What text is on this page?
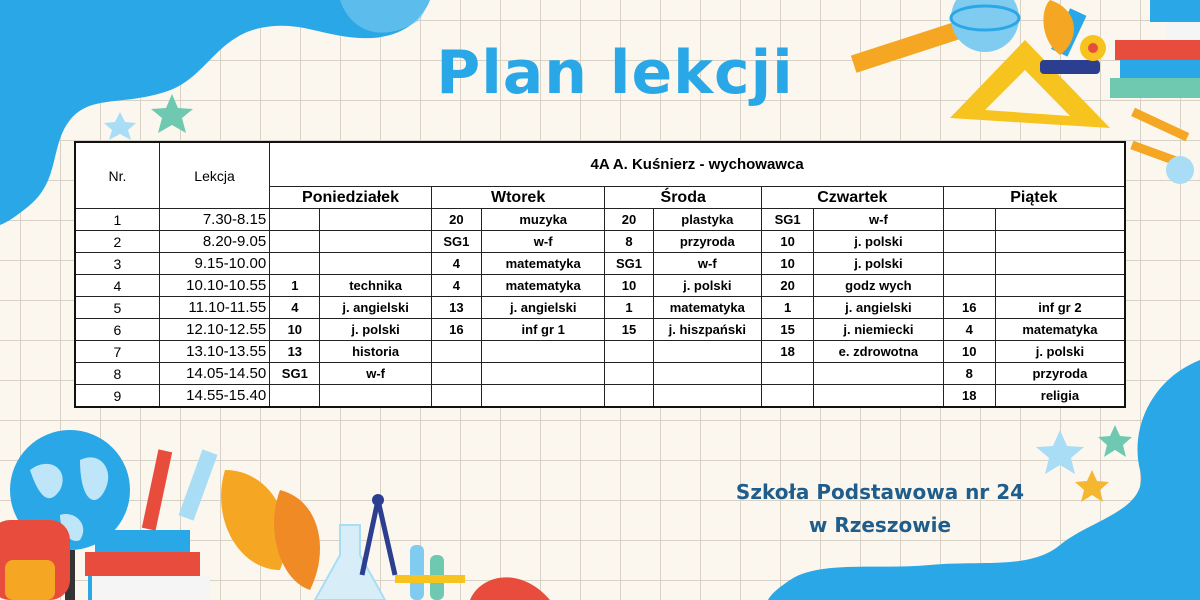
Plan lekcji
Nr.	Lekcja	4A A. Kuśnierz - wychowawca									
		Poniedziałek		Wtorek		Środa		Czwartek		Piątek	
1	7.30-8.15			20	muzyka	20	plastyka	SG1	w-f		
2	8.20-9.05			SG1	w-f	8	przyroda	10	j. polski		
3	9.15-10.00			4	matematyka	SG1	w-f	10	j. polski		
4	10.10-10.55	1	technika	4	matematyka	10	j. polski	20	godz wych		
5	11.10-11.55	4	j. angielski	13	j. angielski	1	matematyka	1	j. angielski	16	inf gr 2
6	12.10-12.55	10	j. polski	16	inf gr 1	15	j. hiszpański	15	j. niemiecki	4	matematyka
7	13.10-13.55	13	historia					18	e. zdrowotna	10	j. polski
8	14.05-14.50	SG1	w-f							8	przyroda
9	14.55-15.40									18	religia
Szkoła Podstawowa nr 24
w Rzeszowie
